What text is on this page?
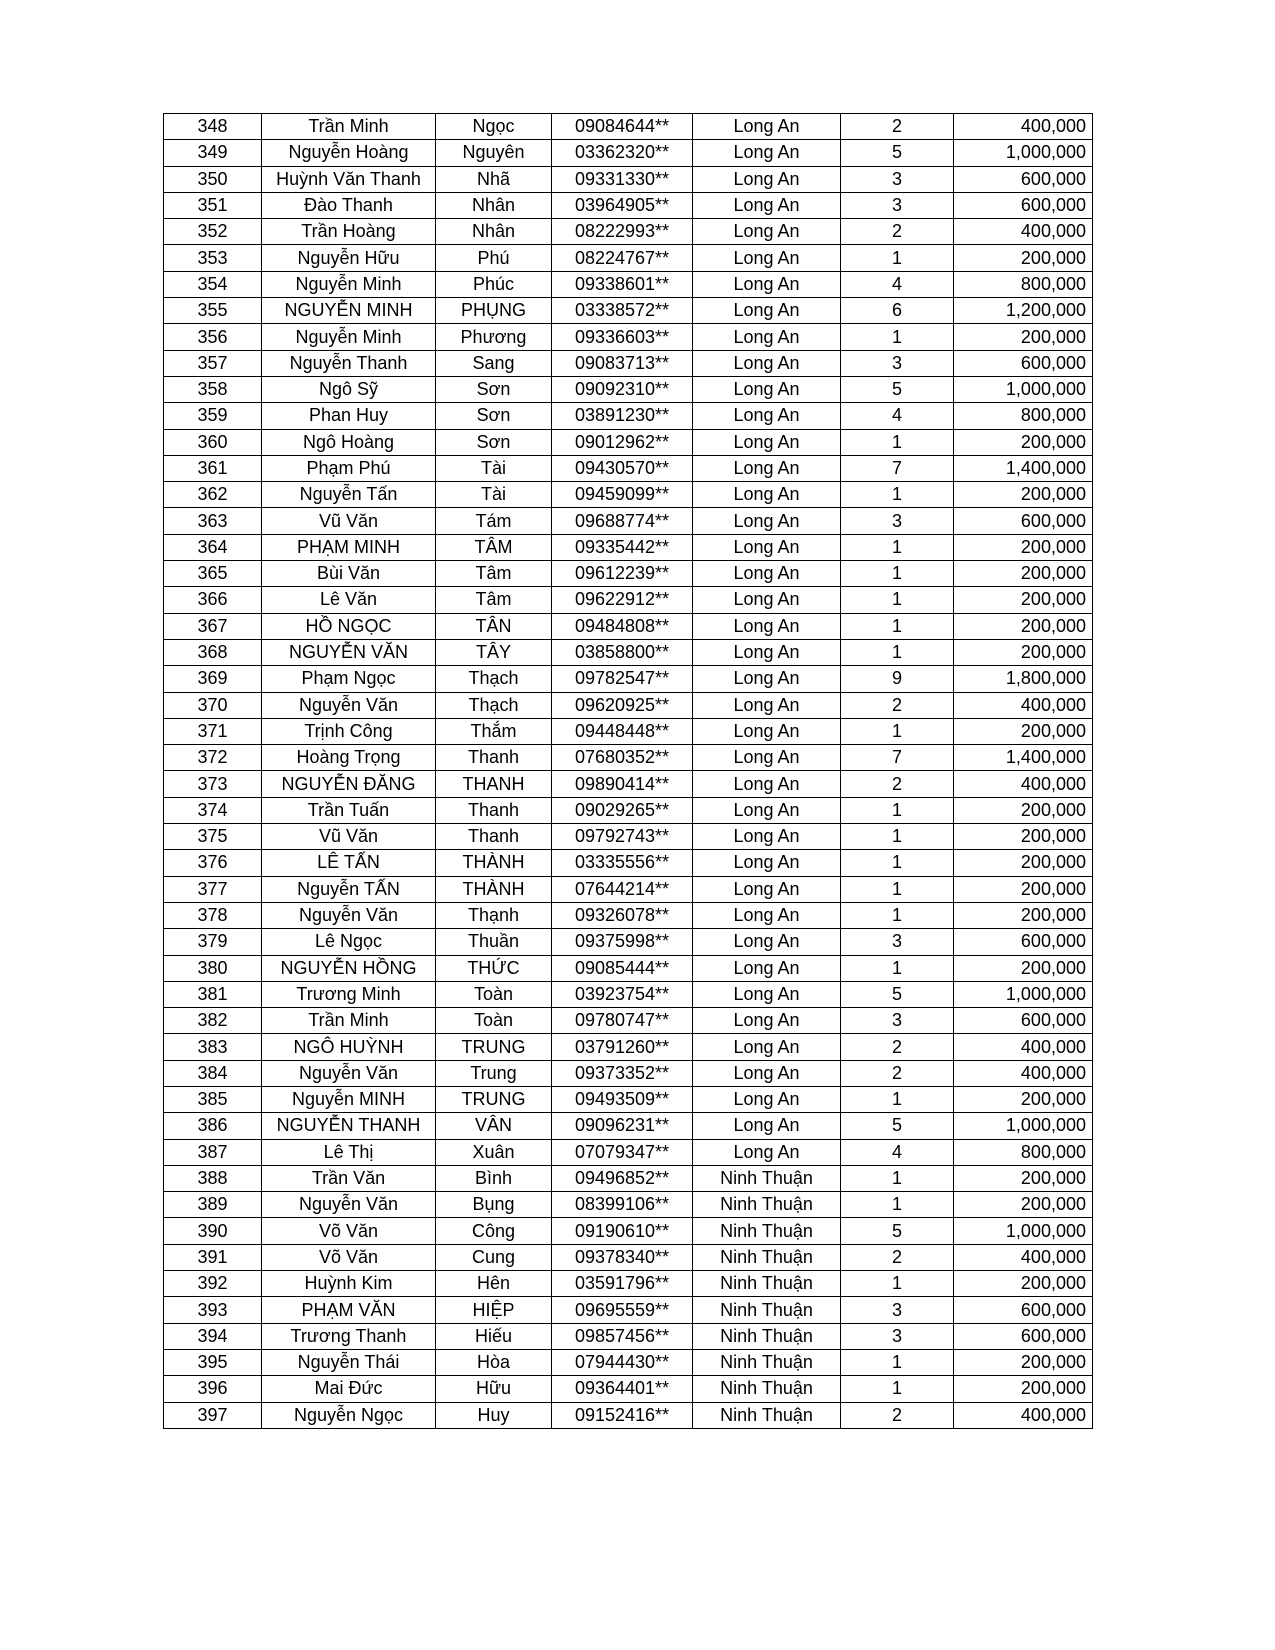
348	Trần Minh	Ngọc	09084644**	Long An	2	400,000
349	Nguyễn Hoàng	Nguyên	03362320**	Long An	5	1,000,000
350	Huỳnh Văn Thanh	Nhã	09331330**	Long An	3	600,000
351	Đào Thanh	Nhân	03964905**	Long An	3	600,000
352	Trần Hoàng	Nhân	08222993**	Long An	2	400,000
353	Nguyễn Hữu	Phú	08224767**	Long An	1	200,000
354	Nguyễn Minh	Phúc	09338601**	Long An	4	800,000
355	NGUYỄN MINH	PHỤNG	03338572**	Long An	6	1,200,000
356	Nguyễn Minh	Phương	09336603**	Long An	1	200,000
357	Nguyễn Thanh	Sang	09083713**	Long An	3	600,000
358	Ngô Sỹ	Sơn	09092310**	Long An	5	1,000,000
359	Phan Huy	Sơn	03891230**	Long An	4	800,000
360	Ngô Hoàng	Sơn	09012962**	Long An	1	200,000
361	Phạm Phú	Tài	09430570**	Long An	7	1,400,000
362	Nguyễn Tấn	Tài	09459099**	Long An	1	200,000
363	Vũ Văn	Tám	09688774**	Long An	3	600,000
364	PHẠM MINH	TÂM	09335442**	Long An	1	200,000
365	Bùi Văn	Tâm	09612239**	Long An	1	200,000
366	Lê Văn	Tâm	09622912**	Long An	1	200,000
367	HỒ NGỌC	TÂN	09484808**	Long An	1	200,000
368	NGUYỄN VĂN	TÂY	03858800**	Long An	1	200,000
369	Phạm Ngọc	Thạch	09782547**	Long An	9	1,800,000
370	Nguyễn Văn	Thạch	09620925**	Long An	2	400,000
371	Trịnh Công	Thắm	09448448**	Long An	1	200,000
372	Hoàng Trọng	Thanh	07680352**	Long An	7	1,400,000
373	NGUYỄN ĐĂNG	THANH	09890414**	Long An	2	400,000
374	Trần Tuấn	Thanh	09029265**	Long An	1	200,000
375	Vũ Văn	Thanh	09792743**	Long An	1	200,000
376	LÊ TẤN	THÀNH	03335556**	Long An	1	200,000
377	Nguyễn TẤN	THÀNH	07644214**	Long An	1	200,000
378	Nguyễn Văn	Thạnh	09326078**	Long An	1	200,000
379	Lê Ngọc	Thuần	09375998**	Long An	3	600,000
380	NGUYỄN HỒNG	THỨC	09085444**	Long An	1	200,000
381	Trương Minh	Toàn	03923754**	Long An	5	1,000,000
382	Trần Minh	Toàn	09780747**	Long An	3	600,000
383	NGÔ HUỲNH	TRUNG	03791260**	Long An	2	400,000
384	Nguyễn Văn	Trung	09373352**	Long An	2	400,000
385	Nguyễn MINH	TRUNG	09493509**	Long An	1	200,000
386	NGUYỄN THANH	VÂN	09096231**	Long An	5	1,000,000
387	Lê Thị	Xuân	07079347**	Long An	4	800,000
388	Trần Văn	Bình	09496852**	Ninh Thuận	1	200,000
389	Nguyễn Văn	Bụng	08399106**	Ninh Thuận	1	200,000
390	Võ Văn	Công	09190610**	Ninh Thuận	5	1,000,000
391	Võ Văn	Cung	09378340**	Ninh Thuận	2	400,000
392	Huỳnh Kim	Hên	03591796**	Ninh Thuận	1	200,000
393	PHẠM VĂN	HIỆP	09695559**	Ninh Thuận	3	600,000
394	Trương Thanh	Hiếu	09857456**	Ninh Thuận	3	600,000
395	Nguyễn Thái	Hòa	07944430**	Ninh Thuận	1	200,000
396	Mai Đức	Hữu	09364401**	Ninh Thuận	1	200,000
397	Nguyễn Ngọc	Huy	09152416**	Ninh Thuận	2	400,000
